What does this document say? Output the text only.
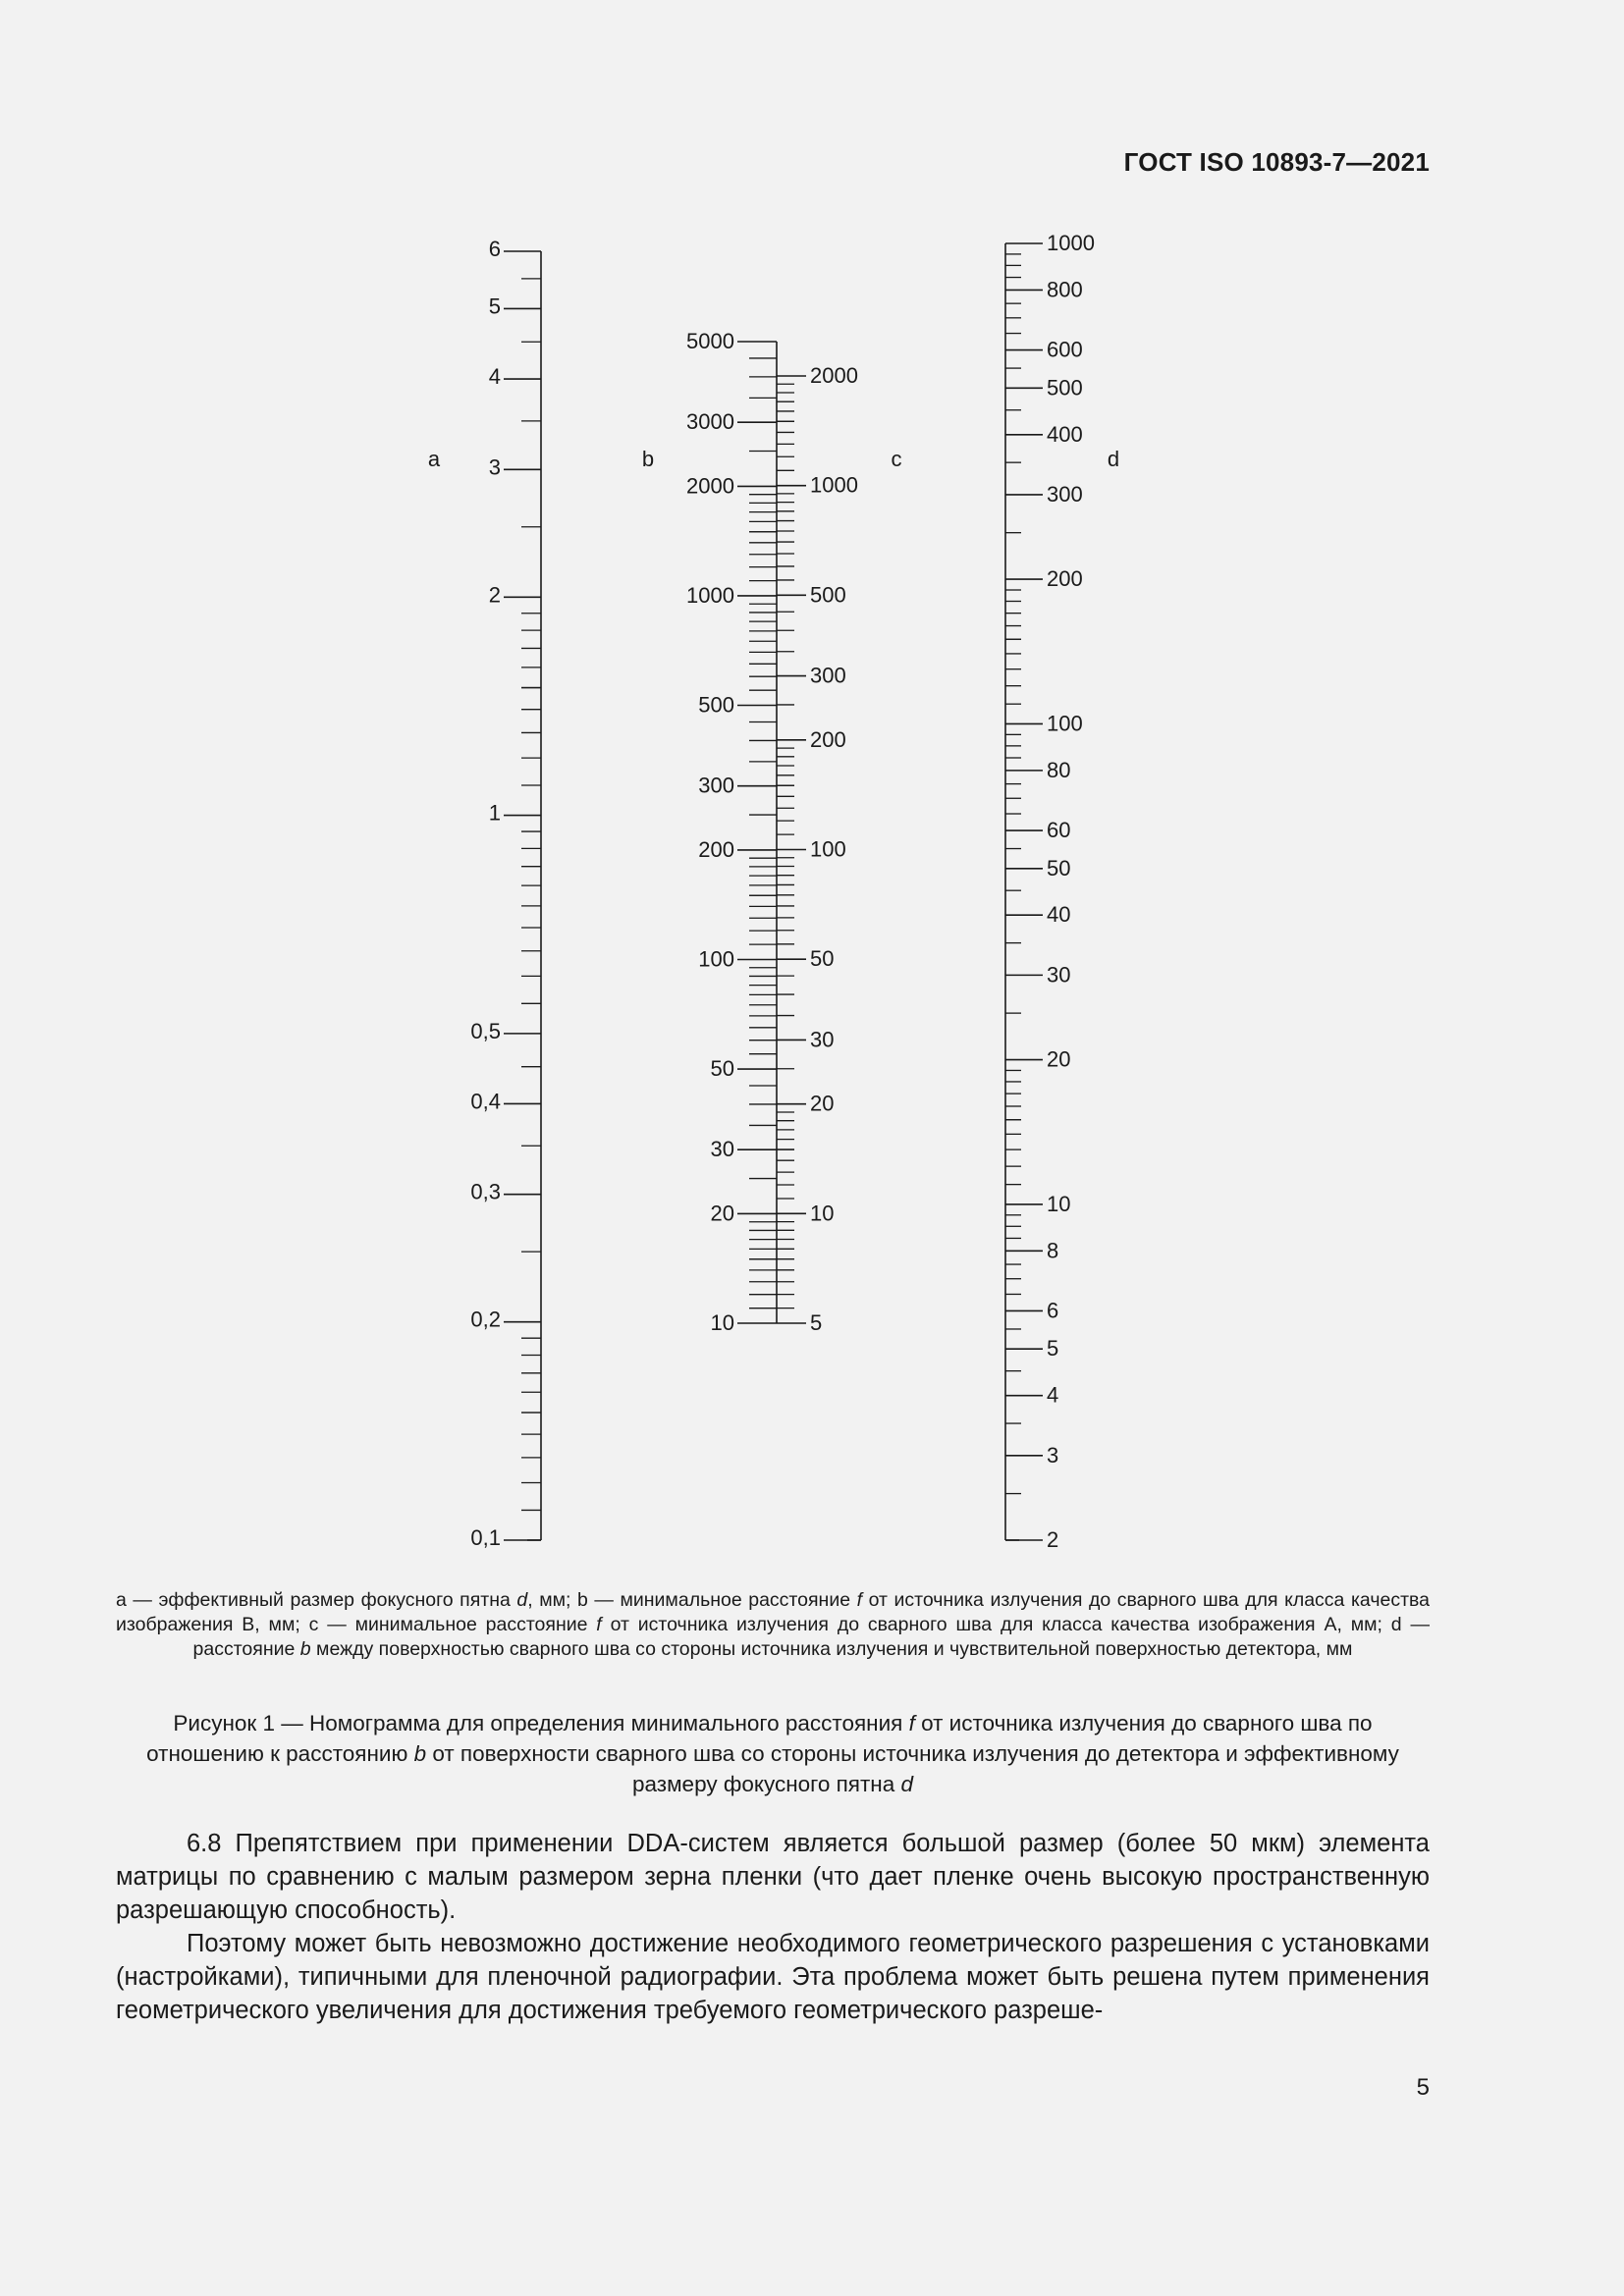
ГОСТ ISO 10893-7—2021
a	b	c	d
6
5
4
3
2
1
0,5
0,4
0,3
0,2
0,1
5000
3000
2000
1000
500
300
200
100
50
30
20
10
2000
1000
500
300
200
100
50
30
20
10
5
1000
800
600
500
400
300
200
100
80
60
50
40
30
20
10
8
6
5
4
3
2
a — эффективный размер фокусного пятна d, мм; b — минимальное расстояние f от источника излучения до сварного шва для класса качества изображения В, мм; c — минимальное расстояние f от источника излучения до сварного шва для класса качества изображения А, мм; d — расстояние b между поверхностью сварного шва со стороны источника излучения и чувствительной поверхностью детектора, мм
Рисунок 1 — Номограмма для определения минимального расстояния f от источника излучения до сварного шва по отношению к расстоянию b от поверхности сварного шва со стороны источника излучения до детектора и эффективному размеру фокусного пятна d

6.8 Препятствием при применении DDA-систем является большой размер (более 50 мкм) элемента матрицы по сравнению с малым размером зерна пленки (что дает пленке очень высокую пространственную разрешающую способность).

Поэтому может быть невозможно достижение необходимого геометрического разрешения с установками (настройками), типичными для пленочной радиографии. Эта проблема может быть решена путем применения геометрического увеличения для достижения требуемого геометрического разреше-

5
